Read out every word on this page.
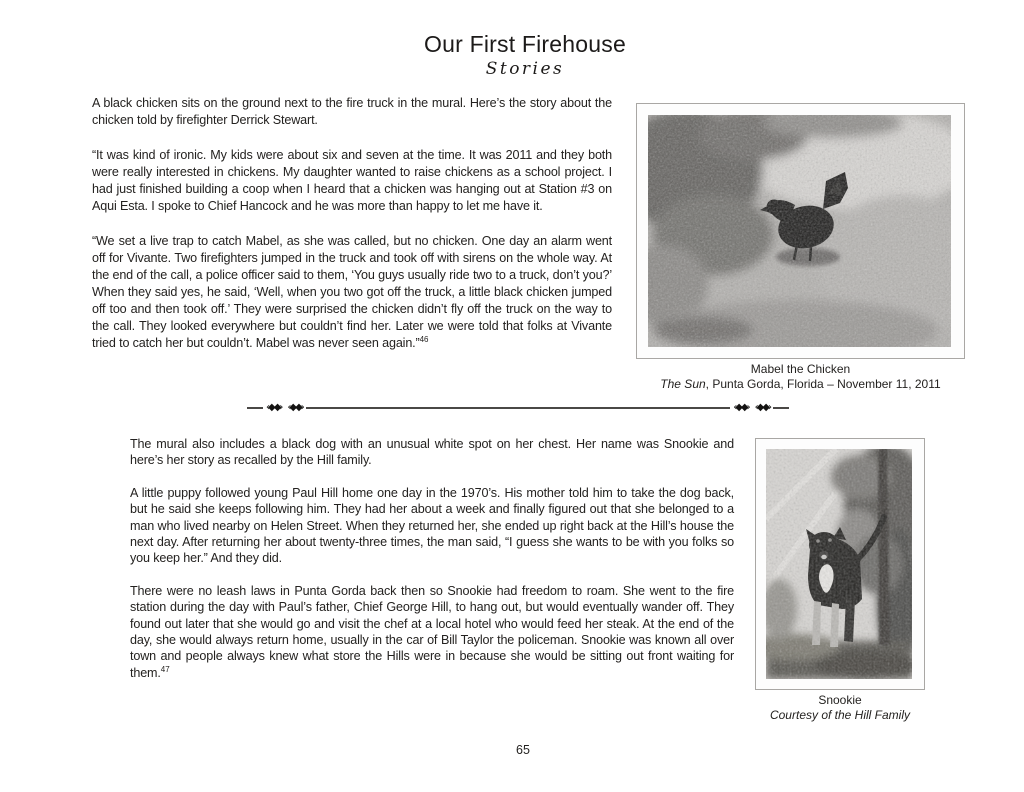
Our First Firehouse
Stories

A black chicken sits on the ground next to the fire truck in the mural. Here’s the story about the chicken told by firefighter Derrick Stewart.

“It was kind of ironic. My kids were about six and seven at the time. It was 2011 and they both were really interested in chickens. My daughter wanted to raise chickens as a school project. I had just finished building a coop when I heard that a chicken was hanging out at Station #3 on Aqui Esta. I spoke to Chief Hancock and he was more than happy to let me have it.

“We set a live trap to catch Mabel, as she was called, but no chicken. One day an alarm went off for Vivante. Two firefighters jumped in the truck and took off with sirens on the whole way. At the end of the call, a police officer said to them, ‘You guys usually ride two to a truck, don’t you?’ When they said yes, he said, ‘Well, when you two got off the truck, a little black chicken jumped off too and then took off.’ They were surprised the chicken didn’t fly off the truck on the way to the call. They looked everywhere but couldn’t find her. Later we were told that folks at Vivante tried to catch her but couldn’t. Mabel was never seen again.”$^{46}$

Mabel the Chicken
The Sun, Punta Gorda, Florida – November 11, 2011
‹◆◆› ‹◆◆›	‹◆◆› ‹◆◆›

The mural also includes a black dog with an unusual white spot on her chest. Her name was Snookie and here’s her story as recalled by the Hill family.

A little puppy followed young Paul Hill home one day in the 1970’s. His mother told him to take the dog back, but he said she keeps following him. They had her about a week and finally figured out that she belonged to a man who lived nearby on Helen Street. When they returned her, she ended up right back at the Hill’s house the next day. After returning her about twenty-three times, the man said, “I guess she wants to be with you folks so you keep her.” And they did.

There were no leash laws in Punta Gorda back then so Snookie had freedom to roam. She went to the fire station during the day with Paul’s father, Chief George Hill, to hang out, but would eventually wander off. They found out later that she would go and visit the chef at a local hotel who would feed her steak. At the end of the day, she would always return home, usually in the car of Bill Taylor the policeman. Snookie was known all over town and people always knew what store the Hills were in because she would be sitting out front waiting for them.$^{47}$

Snookie
Courtesy of the Hill Family
65
